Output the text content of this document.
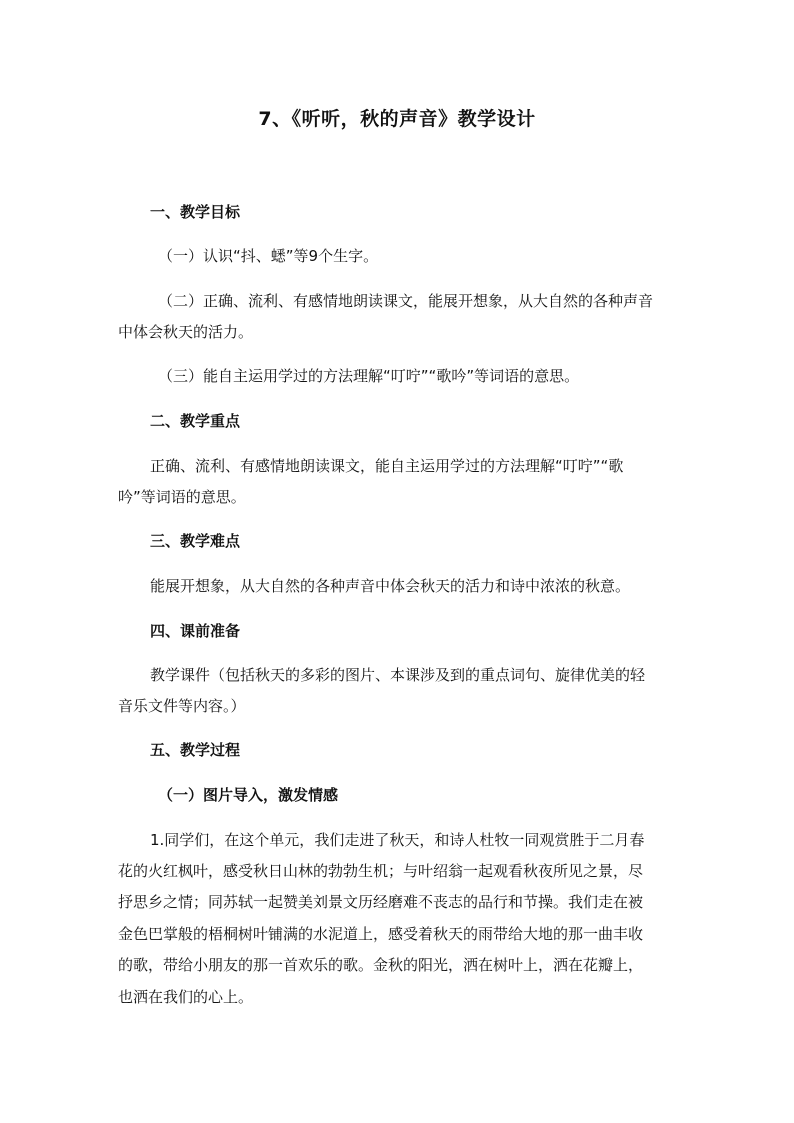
7、《听听，秋的声音》教学设计
一、教学目标
（一）认识“抖、蟋”等9个生字。
（二）正确、流利、有感情地朗读课文，能展开想象，从大自然的各种声音
中体会秋天的活力。
（三）能自主运用学过的方法理解“叮咛”“歌吟”等词语的意思。
二、教学重点
正确、流利、有感情地朗读课文，能自主运用学过的方法理解“叮咛”“歌
吟”等词语的意思。
三、教学难点
能展开想象，从大自然的各种声音中体会秋天的活力和诗中浓浓的秋意。
四、课前准备
教学课件（包括秋天的多彩的图片、本课涉及到的重点词句、旋律优美的轻
音乐文件等内容。）
五、教学过程
（一）图片导入，激发情感
1.同学们，在这个单元，我们走进了秋天，和诗人杜牧一同观赏胜于二月春
花的火红枫叶，感受秋日山林的勃勃生机；与叶绍翁一起观看秋夜所见之景，尽
抒思乡之情；同苏轼一起赞美刘景文历经磨难不丧志的品行和节操。我们走在被
金色巴掌般的梧桐树叶铺满的水泥道上，感受着秋天的雨带给大地的那一曲丰收
的歌，带给小朋友的那一首欢乐的歌。金秋的阳光，洒在树叶上，洒在花瓣上，
也洒在我们的心上。
